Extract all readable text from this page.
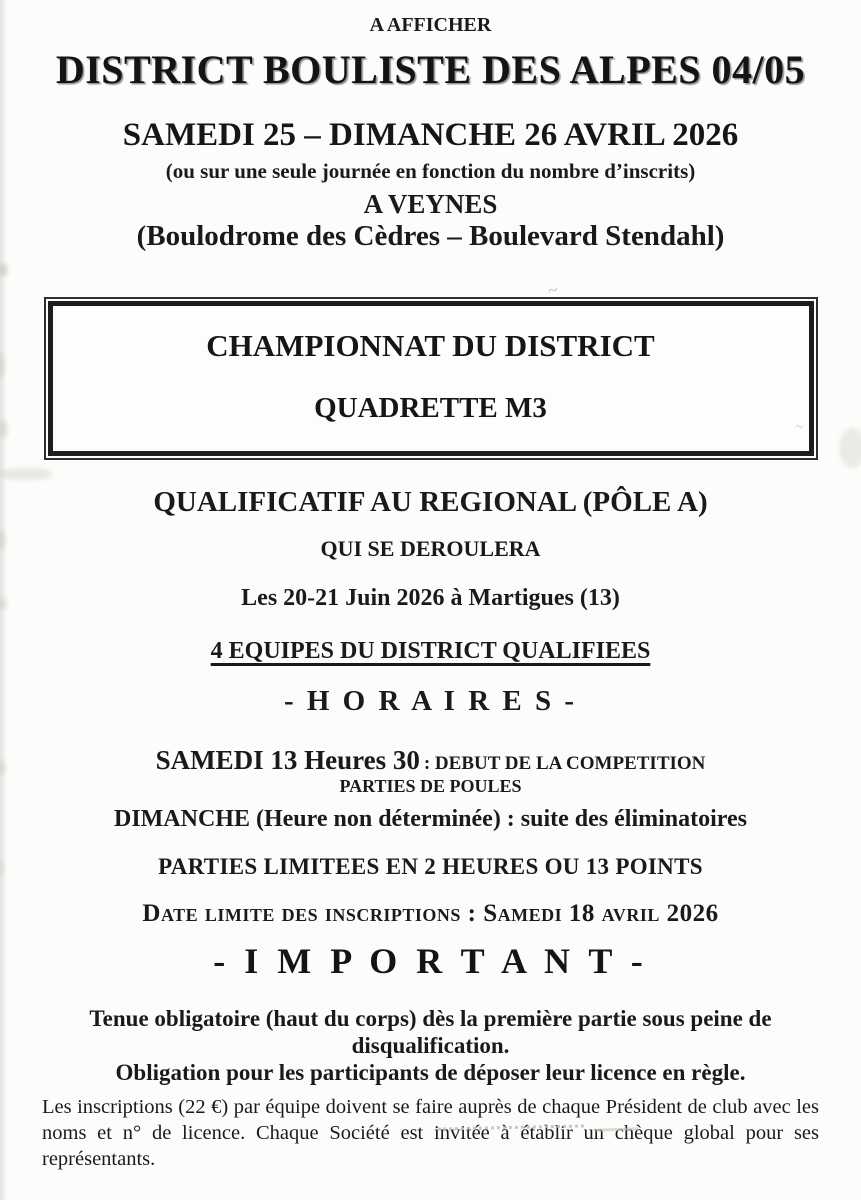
A AFFICHER
DISTRICT BOULISTE DES ALPES 04/05
SAMEDI 25 – DIMANCHE 26 AVRIL 2026
(ou sur une seule journée en fonction du nombre d’inscrits)
A VEYNES
(Boulodrome des Cèdres – Boulevard Stendahl)
CHAMPIONNAT DU DISTRICT
QUADRETTE M3
QUALIFICATIF AU REGIONAL (PÔLE A)
QUI SE DEROULERA
Les 20-21 Juin 2026 à Martigues (13)
4 EQUIPES DU DISTRICT QUALIFIEES
- H O R A I R E S -
SAMEDI 13 Heures 30 : DEBUT DE LA COMPETITION
PARTIES DE POULES
DIMANCHE (Heure non déterminée) : suite des éliminatoires
PARTIES LIMITEES EN 2 HEURES OU 13 POINTS
Date limite des inscriptions : Samedi 18 avril 2026
- I M P O R T A N T -
Tenue obligatoire (haut du corps) dès la première partie sous peine de disqualification.
Obligation pour les participants de déposer leur licence en règle.
Les inscriptions (22 €) par équipe doivent se faire auprès de chaque Président de club avec les noms et n° de licence. Chaque Société est invitée à établir un chèque global pour ses représentants.
~
~
